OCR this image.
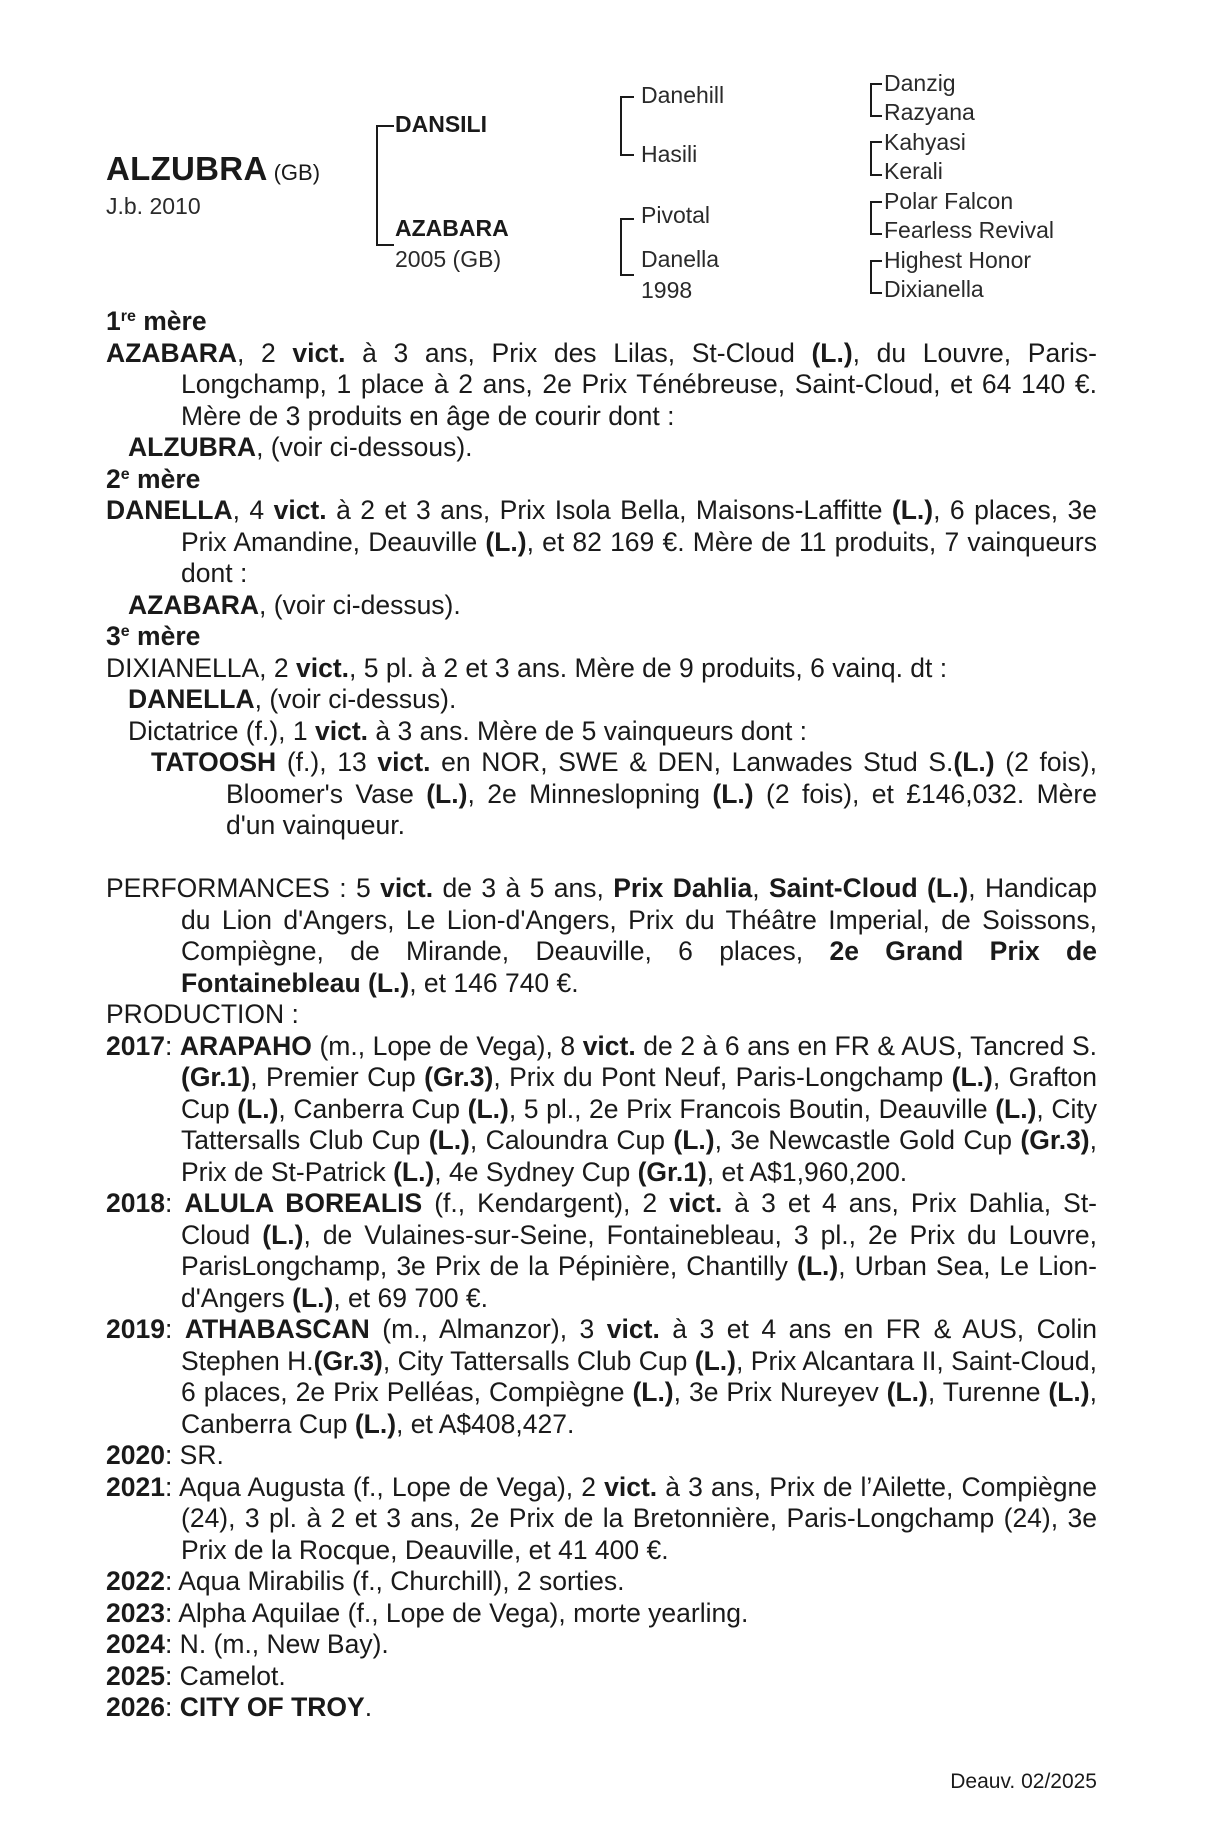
ALZUBRA (GB)
J.b. 2010
DANSILI
AZABARA
2005 (GB)
Danehill
Hasili
Pivotal
Danella
1998
Danzig
Razyana
Kahyasi
Kerali
Polar Falcon
Fearless Revival
Highest Honor
Dixianella

1re mère

AZABARA, 2 vict. à 3 ans, Prix des Lilas, St-Cloud (L.), du Louvre, Paris-Longchamp, 1 place à 2 ans, 2e Prix Ténébreuse, Saint-Cloud, et 64 140 €. Mère de 3 produits en âge de courir dont :

ALZUBRA, (voir ci-dessous).

2e mère

DANELLA, 4 vict. à 2 et 3 ans, Prix Isola Bella, Maisons-Laffitte (L.), 6 places, 3e Prix Amandine, Deauville (L.), et 82 169 €. Mère de 11 produits, 7 vainqueurs dont :

AZABARA, (voir ci-dessus).

3e mère

DIXIANELLA, 2 vict., 5 pl. à 2 et 3 ans. Mère de 9 produits, 6 vainq. dt :

DANELLA, (voir ci-dessus).

Dictatrice (f.), 1 vict. à 3 ans. Mère de 5 vainqueurs dont :

TATOOSH (f.), 13 vict. en NOR, SWE & DEN, Lanwades Stud S.(L.) (2 fois), Bloomer's Vase (L.), 2e Minneslopning (L.) (2 fois), et £146,032. Mère d'un vainqueur.

PERFORMANCES : 5 vict. de 3 à 5 ans, Prix Dahlia, Saint-Cloud (L.), Handicap du Lion d'Angers, Le Lion-d'Angers, Prix du Théâtre Imperial, de Soissons, Compiègne, de Mirande, Deauville, 6 places, 2e Grand Prix de Fontainebleau (L.), et 146 740 €.

PRODUCTION :

2017: ARAPAHO (m., Lope de Vega), 8 vict. de 2 à 6 ans en FR & AUS, Tancred S.(Gr.1), Premier Cup (Gr.3), Prix du Pont Neuf, Paris-Longchamp (L.), Grafton Cup (L.), Canberra Cup (L.), 5 pl., 2e Prix Francois Boutin, Deauville (L.), City Tattersalls Club Cup (L.), Caloundra Cup (L.), 3e Newcastle Gold Cup (Gr.3), Prix de St-Patrick (L.), 4e Sydney Cup (Gr.1), et A$1,960,200.

2018: ALULA BOREALIS (f., Kendargent), 2 vict. à 3 et 4 ans, Prix Dahlia, St-Cloud (L.), de Vulaines-sur-Seine, Fontainebleau, 3 pl., 2e Prix du Louvre, ParisLongchamp, 3e Prix de la Pépinière, Chantilly (L.), Urban Sea, Le Lion-d'Angers (L.), et 69 700 €.

2019: ATHABASCAN (m., Almanzor), 3 vict. à 3 et 4 ans en FR & AUS, Colin Stephen H.(Gr.3), City Tattersalls Club Cup (L.), Prix Alcantara II, Saint-Cloud, 6 places, 2e Prix Pelléas, Compiègne (L.), 3e Prix Nureyev (L.), Turenne (L.), Canberra Cup (L.), et A$408,427.

2020: SR.

2021: Aqua Augusta (f., Lope de Vega), 2 vict. à 3 ans, Prix de l’Ailette, Compiègne (24), 3 pl. à 2 et 3 ans, 2e Prix de la Bretonnière, Paris-Longchamp (24), 3e Prix de la Rocque, Deauville, et 41 400 €.

2022: Aqua Mirabilis (f., Churchill), 2 sorties.

2023: Alpha Aquilae (f., Lope de Vega), morte yearling.

2024: N. (m., New Bay).

2025: Camelot.

2026: CITY OF TROY.

Deauv. 02/2025
